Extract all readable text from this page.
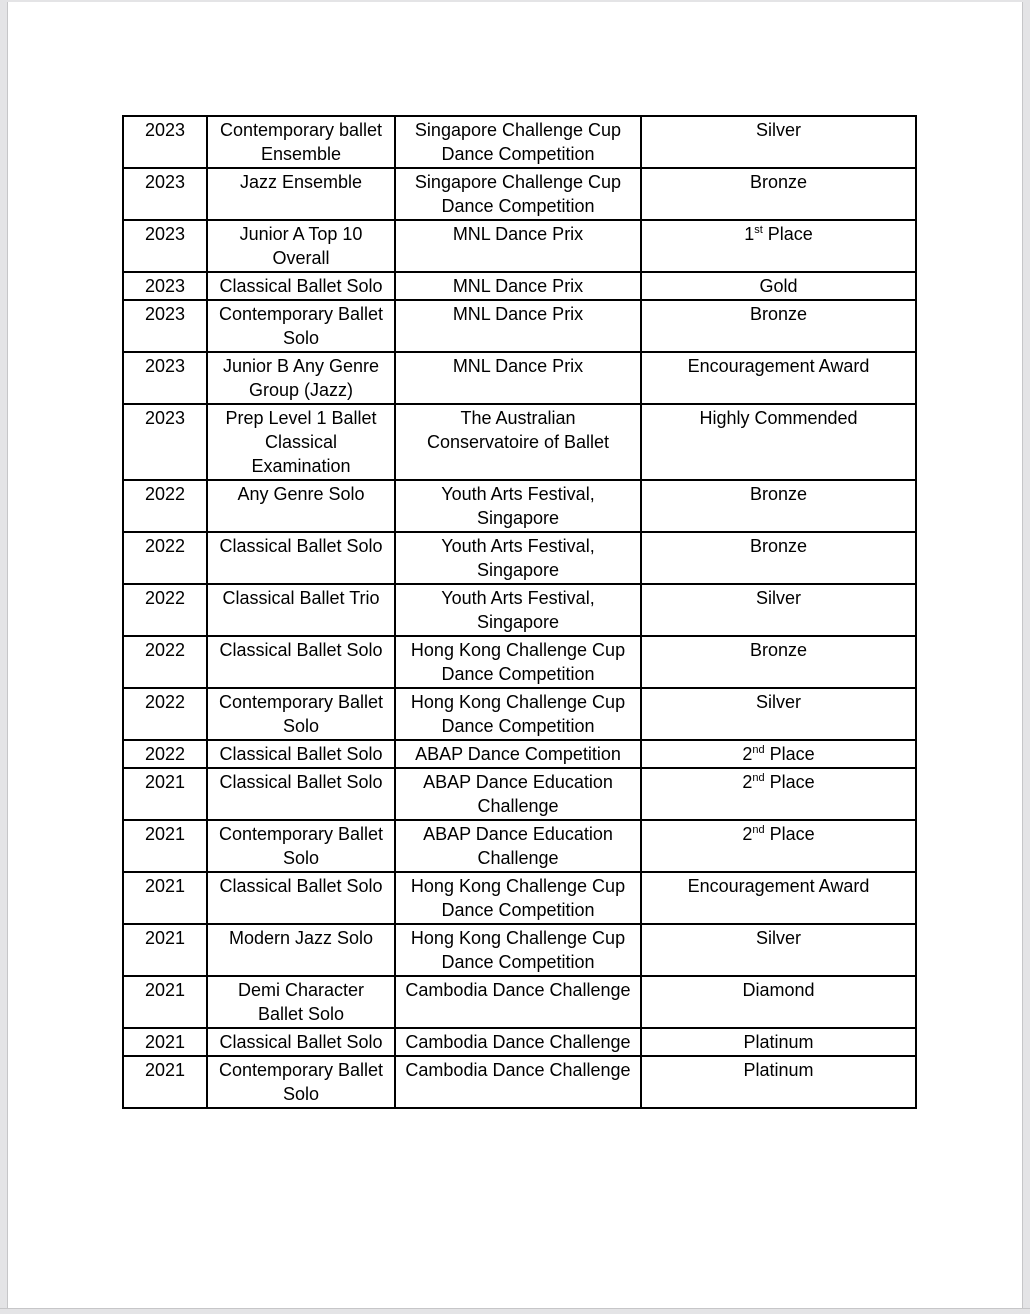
2023	Contemporary ballet Ensemble	Singapore Challenge Cup Dance Competition	Silver
2023	Jazz Ensemble	Singapore Challenge Cup Dance Competition	Bronze
2023	Junior A Top 10 Overall	MNL Dance Prix	1st Place
2023	Classical Ballet Solo	MNL Dance Prix	Gold
2023	Contemporary Ballet Solo	MNL Dance Prix	Bronze
2023	Junior B Any Genre Group (Jazz)	MNL Dance Prix	Encouragement Award
2023	Prep Level 1 Ballet Classical Examination	The Australian Conservatoire of Ballet	Highly Commended
2022	Any Genre Solo	Youth Arts Festival, Singapore	Bronze
2022	Classical Ballet Solo	Youth Arts Festival, Singapore	Bronze
2022	Classical Ballet Trio	Youth Arts Festival, Singapore	Silver
2022	Classical Ballet Solo	Hong Kong Challenge Cup Dance Competition	Bronze
2022	Contemporary Ballet Solo	Hong Kong Challenge Cup Dance Competition	Silver
2022	Classical Ballet Solo	ABAP Dance Competition	2nd Place
2021	Classical Ballet Solo	ABAP Dance Education Challenge	2nd Place
2021	Contemporary Ballet Solo	ABAP Dance Education Challenge	2nd Place
2021	Classical Ballet Solo	Hong Kong Challenge Cup Dance Competition	Encouragement Award
2021	Modern Jazz Solo	Hong Kong Challenge Cup Dance Competition	Silver
2021	Demi Character Ballet Solo	Cambodia Dance Challenge	Diamond
2021	Classical Ballet Solo	Cambodia Dance Challenge	Platinum
2021	Contemporary Ballet Solo	Cambodia Dance Challenge	Platinum
